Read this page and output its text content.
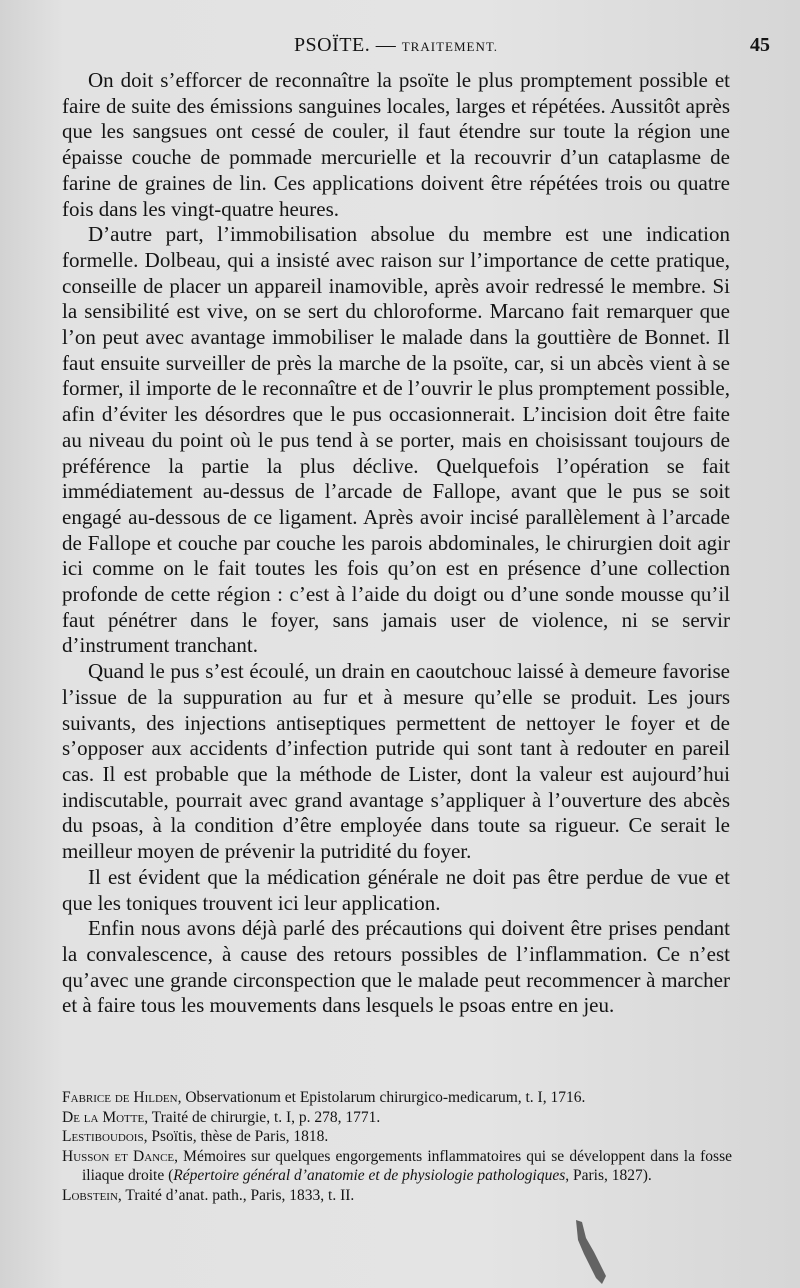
PSOÏTE. — TRAITEMENT.	45

On doit s’efforcer de reconnaître la psoïte le plus promptement possible et faire de suite des émissions sanguines locales, larges et répétées. Aussitôt après que les sangsues ont cessé de couler, il faut étendre sur toute la région une épaisse couche de pommade mercurielle et la recouvrir d’un cataplasme de farine de graines de lin. Ces applications doivent être répétées trois ou quatre fois dans les vingt-quatre heures.

D’autre part, l’immobilisation absolue du membre est une indication formelle. Dolbeau, qui a insisté avec raison sur l’importance de cette pratique, conseille de placer un appareil inamovible, après avoir redressé le membre. Si la sensibilité est vive, on se sert du chloroforme. Marcano fait remarquer que l’on peut avec avantage immobiliser le malade dans la gouttière de Bonnet. Il faut ensuite surveiller de près la marche de la psoïte, car, si un abcès vient à se former, il importe de le reconnaître et de l’ouvrir le plus promptement possible, afin d’éviter les désordres que le pus occasionnerait. L’incision doit être faite au niveau du point où le pus tend à se porter, mais en choisissant toujours de préférence la partie la plus déclive. Quelquefois l’opération se fait immédiatement au-dessus de l’arcade de Fallope, avant que le pus se soit engagé au-dessous de ce ligament. Après avoir incisé parallèlement à l’arcade de Fallope et couche par couche les parois abdominales, le chirurgien doit agir ici comme on le fait toutes les fois qu’on est en présence d’une collection profonde de cette région : c’est à l’aide du doigt ou d’une sonde mousse qu’il faut pénétrer dans le foyer, sans jamais user de violence, ni se servir d’instrument tranchant.

Quand le pus s’est écoulé, un drain en caoutchouc laissé à demeure favorise l’issue de la suppuration au fur et à mesure qu’elle se produit. Les jours suivants, des injections antiseptiques permettent de nettoyer le foyer et de s’opposer aux accidents d’infection putride qui sont tant à redouter en pareil cas. Il est probable que la méthode de Lister, dont la valeur est aujourd’hui indiscutable, pourrait avec grand avantage s’appliquer à l’ouverture des abcès du psoas, à la condition d’être employée dans toute sa rigueur. Ce serait le meilleur moyen de prévenir la putridité du foyer.

Il est évident que la médication générale ne doit pas être perdue de vue et que les toniques trouvent ici leur application.

Enfin nous avons déjà parlé des précautions qui doivent être prises pendant la convalescence, à cause des retours possibles de l’inflammation. Ce n’est qu’avec une grande circonspection que le malade peut recommencer à marcher et à faire tous les mouvements dans lesquels le psoas entre en jeu.

Fabrice de Hilden, Observationum et Epistolarum chirurgico-medicarum, t. I, 1716.

De la Motte, Traité de chirurgie, t. I, p. 278, 1771.

Lestiboudois, Psoïtis, thèse de Paris, 1818.

Husson et Dance, Mémoires sur quelques engorgements inflammatoires qui se développent dans la fosse iliaque droite (Répertoire général d’anatomie et de physiologie pathologiques, Paris, 1827).

Lobstein, Traité d’anat. path., Paris, 1833, t. II.
